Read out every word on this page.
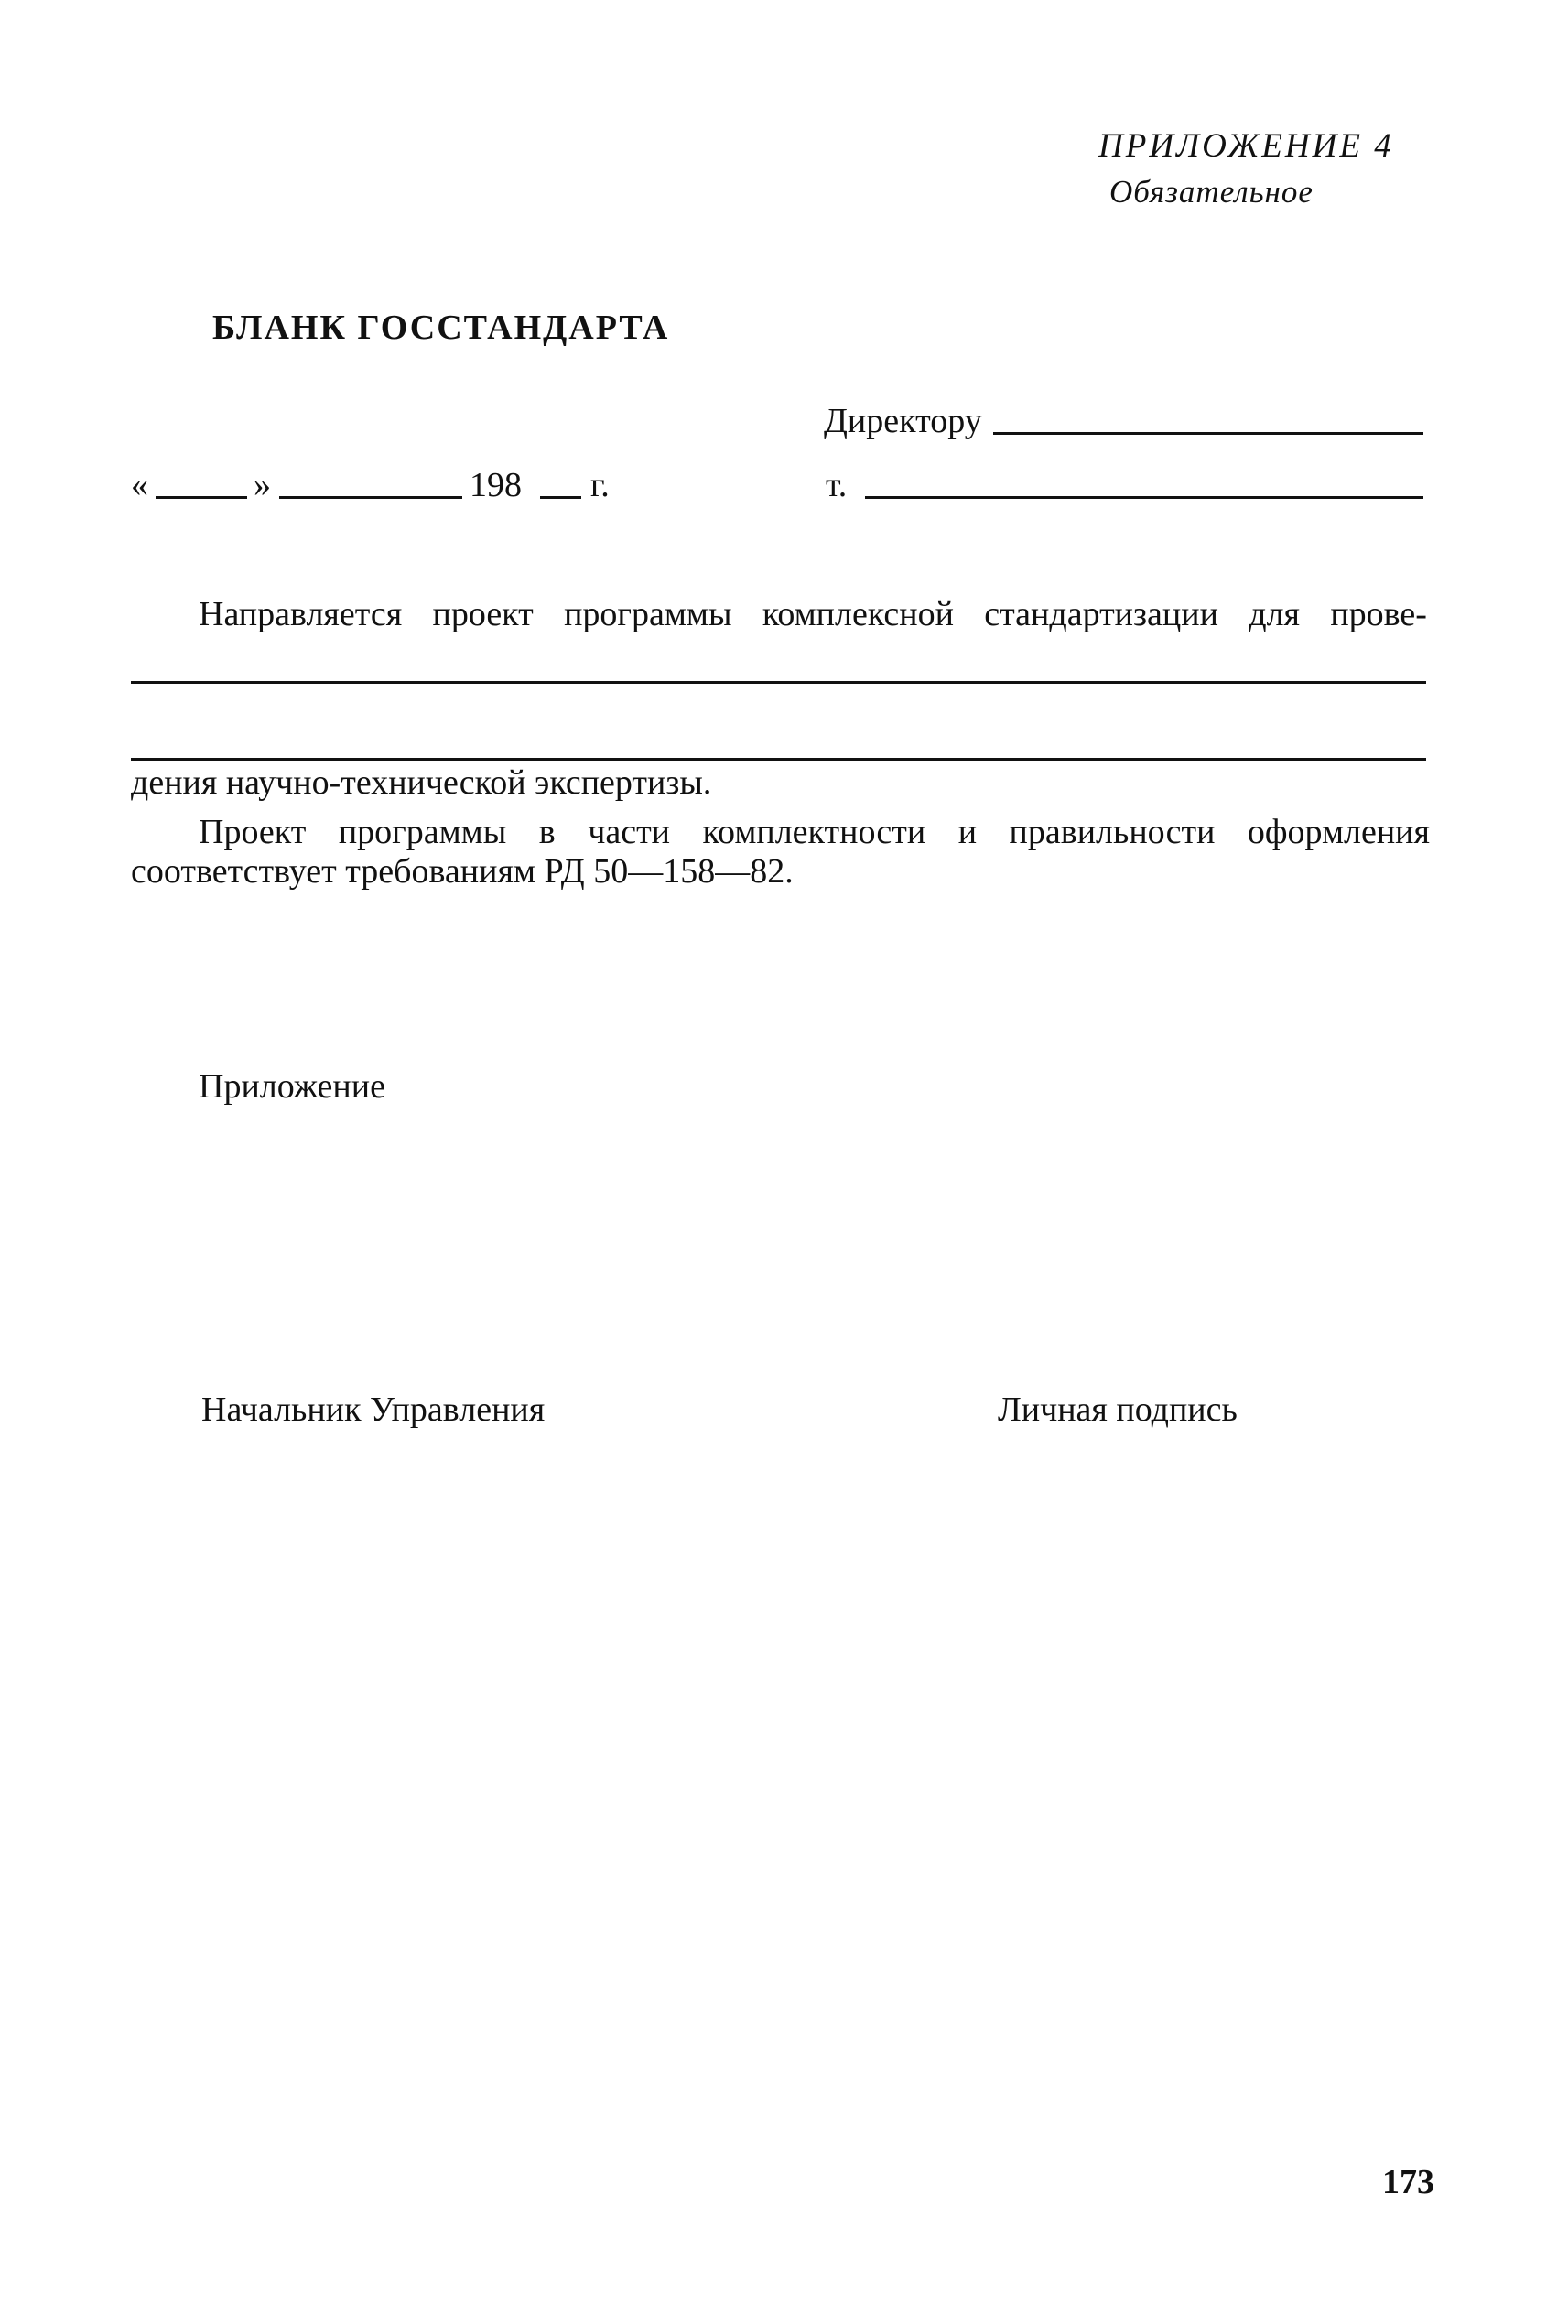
ПРИЛОЖЕНИЕ 4
Обязательное
БЛАНК ГОССТАНДАРТА
Директору
т.
«	»	198 г.
Направляется проект программы комплексной стандартизации для прове-
дения научно-технической экспертизы.
Проект программы в части комплектности и правильности оформления
соответствует требованиям РД 50—158—82.
Приложение
Начальник Управления	Личная подпись
173
